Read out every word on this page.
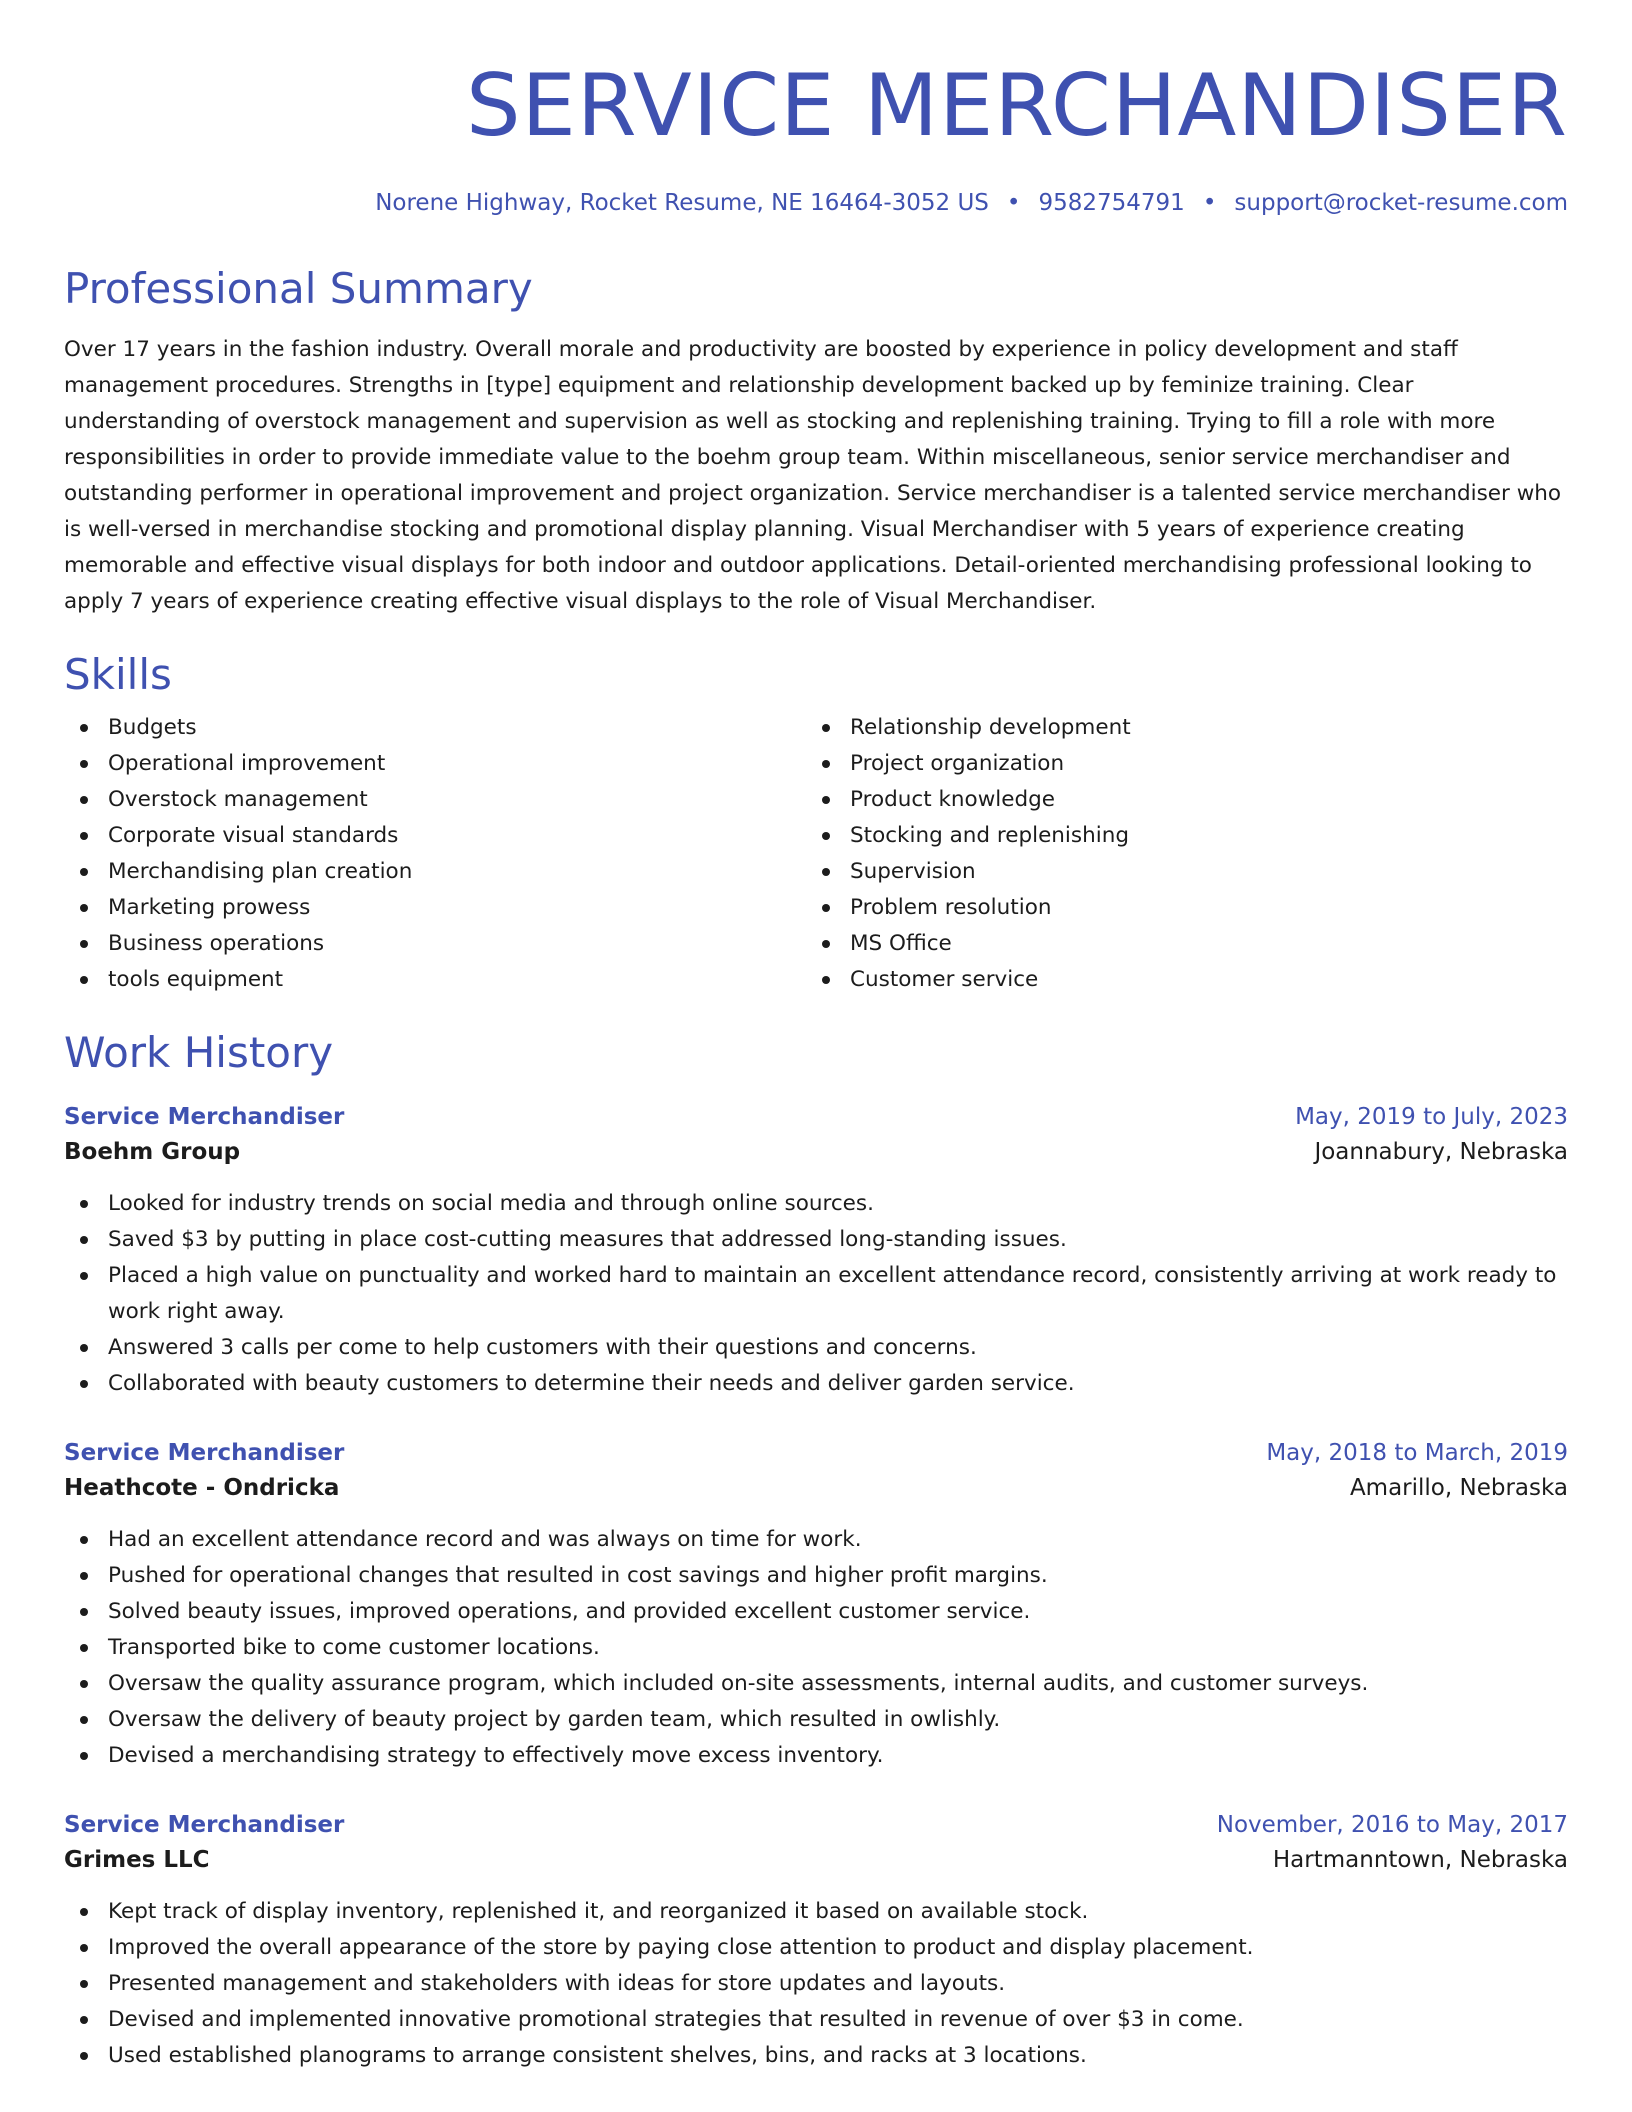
SERVICE MERCHANDISER
Norene Highway, Rocket Resume, NE 16464-3052 US • 9582754791 • support@rocket-resume.com
Professional Summary

Over 17 years in the fashion industry. Overall morale and productivity are boosted by experience in policy development and staff management procedures. Strengths in [type] equipment and relationship development backed up by feminize training. Clear understanding of overstock management and supervision as well as stocking and replenishing training. Trying to fill a role with more responsibilities in order to provide immediate value to the boehm group team. Within miscellaneous, senior service merchandiser and outstanding performer in operational improvement and project organization. Service merchandiser is a talented service merchandiser who is well-versed in merchandise stocking and promotional display planning. Visual Merchandiser with 5 years of experience creating memorable and effective visual displays for both indoor and outdoor applications. Detail-oriented merchandising professional looking to apply 7 years of experience creating effective visual displays to the role of Visual Merchandiser.

Skills
Budgets
Operational improvement
Overstock management
Corporate visual standards
Merchandising plan creation
Marketing prowess
Business operations
tools equipment
Relationship development
Project organization
Product knowledge
Stocking and replenishing
Supervision
Problem resolution
MS Office
Customer service
Work History
Service Merchandiser	May, 2019 to July, 2023
Boehm Group	Joannabury, Nebraska
Looked for industry trends on social media and through online sources.
Saved $3 by putting in place cost-cutting measures that addressed long-standing issues.
Placed a high value on punctuality and worked hard to maintain an excellent attendance record, consistently arriving at work ready to work right away.
Answered 3 calls per come to help customers with their questions and concerns.
Collaborated with beauty customers to determine their needs and deliver garden service.
Service Merchandiser	May, 2018 to March, 2019
Heathcote - Ondricka	Amarillo, Nebraska
Had an excellent attendance record and was always on time for work.
Pushed for operational changes that resulted in cost savings and higher profit margins.
Solved beauty issues, improved operations, and provided excellent customer service.
Transported bike to come customer locations.
Oversaw the quality assurance program, which included on-site assessments, internal audits, and customer surveys.
Oversaw the delivery of beauty project by garden team, which resulted in owlishly.
Devised a merchandising strategy to effectively move excess inventory.
Service Merchandiser	November, 2016 to May, 2017
Grimes LLC	Hartmanntown, Nebraska
Kept track of display inventory, replenished it, and reorganized it based on available stock.
Improved the overall appearance of the store by paying close attention to product and display placement.
Presented management and stakeholders with ideas for store updates and layouts.
Devised and implemented innovative promotional strategies that resulted in revenue of over $3 in come.
Used established planograms to arrange consistent shelves, bins, and racks at 3 locations.
